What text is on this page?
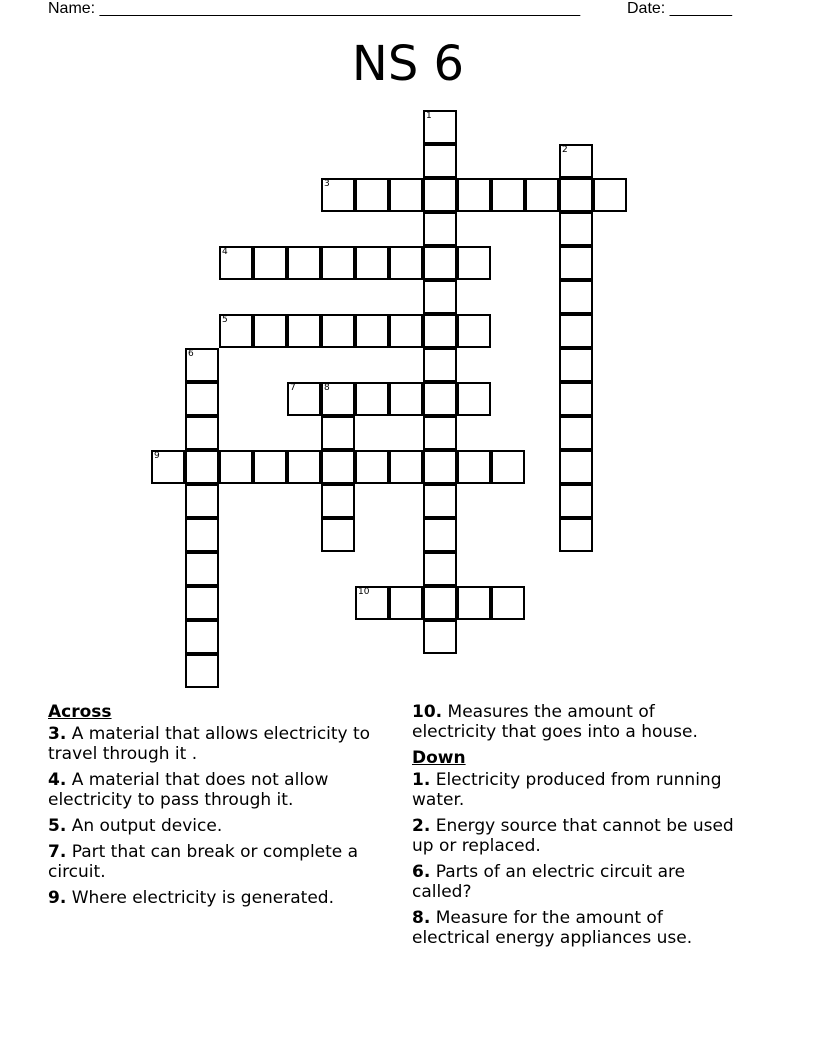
Name: ______________________________________________________	Date: _______
NS 6
1
2
3
4
5
6
7	8
9
10
Across
3. A material that allows electricity to travel through it .
4. A material that does not allow electricity to pass through it.
5. An output device.
7. Part that can break or complete a circuit.
9. Where electricity is generated.
10. Measures the amount of electricity that goes into a house.
Down
1. Electricity produced from running water.
2. Energy source that cannot be used up or replaced.
6. Parts of an electric circuit are called?
8. Measure for the amount of electrical energy appliances use.
